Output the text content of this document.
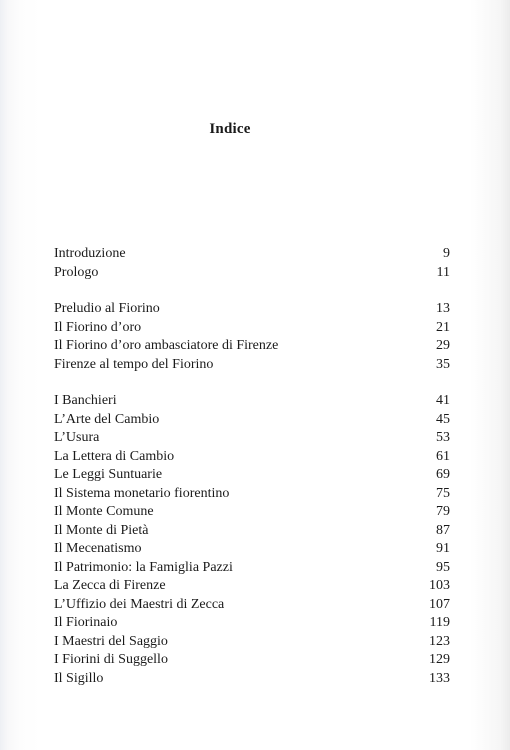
Indice
Introduzione	9
Prologo	11
Preludio al Fiorino	13
Il Fiorino d’oro	21
Il Fiorino d’oro ambasciatore di Firenze	29
Firenze al tempo del Fiorino	35
I Banchieri	41
L’Arte del Cambio	45
L’Usura	53
La Lettera di Cambio	61
Le Leggi Suntuarie	69
Il Sistema monetario fiorentino	75
Il Monte Comune	79
Il Monte di Pietà	87
Il Mecenatismo	91
Il Patrimonio: la Famiglia Pazzi	95
La Zecca di Firenze	103
L’Uffizio dei Maestri di Zecca	107
Il Fiorinaio	119
I Maestri del Saggio	123
I Fiorini di Suggello	129
Il Sigillo	133
